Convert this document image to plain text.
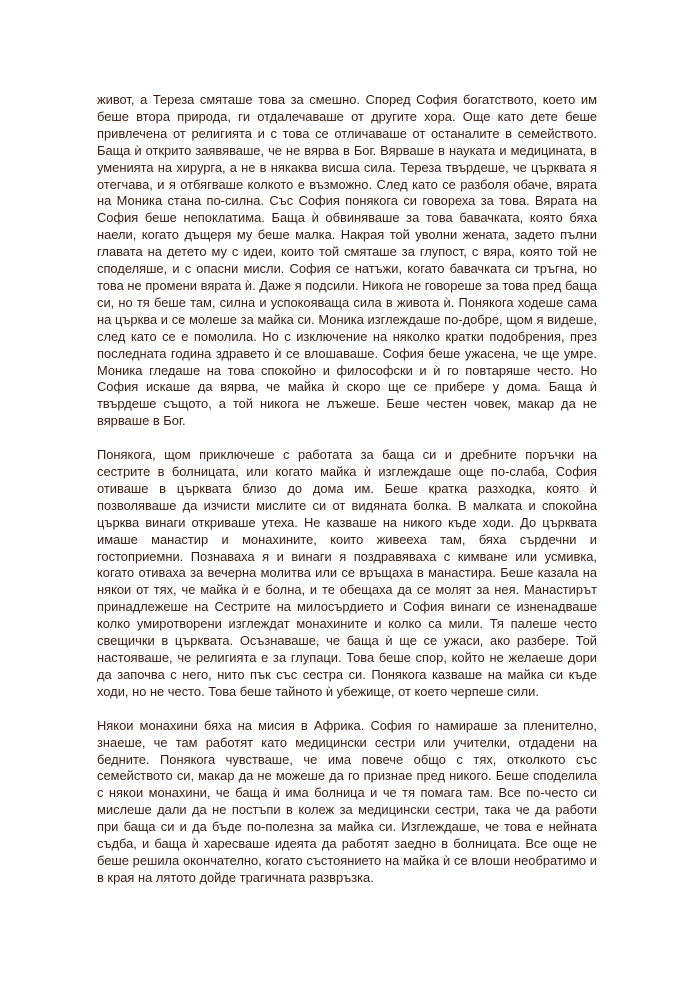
живот, а Тереза смяташе това за смешно. Според София богатството, което им беше втора природа, ги отдалечаваше от другите хора. Още като дете беше привлечена от религията и с това се отличаваше от останалите в семейството. Баща ѝ открито заявяваше, че не вярва в Бог. Вярваше в науката и медицината, в уменията на хирурга, а не в някаква висша сила. Тереза твърдеше, че църквата я отегчава, и я отбягваше колкото е възможно. След като се разболя обаче, вярата на Моника стана по-силна. Със София понякога си говореха за това. Вярата на София беше непоклатима. Баща ѝ обвиняваше за това бавачката, която бяха наели, когато дъщеря му беше малка. Накрая той уволни жената, задето пълни главата на детето му с идеи, които той смяташе за глупост, с вяра, която той не споделяше, и с опасни мисли. София се натъжи, когато бавачката си тръгна, но това не промени вярата ѝ. Даже я подсили. Никога не говореше за това пред баща си, но тя беше там, силна и успокояваща сила в живота ѝ. Понякога ходеше сама на църква и се молеше за майка си. Моника изглеждаше по-добре, щом я видеше, след като се е помолила. Но с изключение на няколко кратки подобрения, през последната година здравето ѝ се влошаваше. София беше ужасена, че ще умре. Моника гледаше на това спокойно и философски и ѝ го повтаряше често. Но София искаше да вярва, че майка ѝ скоро ще се прибере у дома. Баща ѝ твърдеше същото, а той никога не лъжеше. Беше честен човек, макар да не вярваше в Бог.

Понякога, щом приключеше с работата за баща си и дребните поръчки на сестрите в болницата, или когато майка ѝ изглеждаше още по-слаба, София отиваше в църквата близо до дома им. Беше кратка разходка, която ѝ позволяваше да изчисти мислите си от видяната болка. В малката и спокойна църква винаги откриваше утеха. Не казваше на никого къде ходи. До църквата имаше манастир и монахините, които живееха там, бяха сърдечни и гостоприемни. Познаваха я и винаги я поздравяваха с кимване или усмивка, когато отиваха за вечерна молитва или се връщаха в манастира. Беше казала на някои от тях, че майка ѝ е болна, и те обещаха да се молят за нея. Манастирът принадлежеше на Сестрите на милосърдието и София винаги се изненадваше колко умиротворени изглеждат монахините и колко са мили. Тя палеше често свещички в църквата. Осъзнаваше, че баща ѝ ще се ужаси, ако разбере. Той настояваше, че религията е за глупаци. Това беше спор, който не желаеше дори да започва с него, нито пък със сестра си. Понякога казваше на майка си къде ходи, но не често. Това беше тайното ѝ убежище, от което черпеше сили.

Някои монахини бяха на мисия в Африка. София го намираше за пленително, знаеше, че там работят като медицински сестри или учителки, отдадени на бедните. Понякога чувстваше, че има повече общо с тях, отколкото със семейството си, макар да не можеше да го признае пред никого. Беше споделила с някои монахини, че баща ѝ има болница и че тя помага там. Все по-често си мислеше дали да не постъпи в колеж за медицински сестри, така че да работи при баща си и да бъде по-полезна за майка си. Изглеждаше, че това е нейната съдба, и баща ѝ харесваше идеята да работят заедно в болницата. Все още не беше решила окончателно, когато състоянието на майка ѝ се влоши необратимо и в края на лятото дойде трагичната развръзка.
